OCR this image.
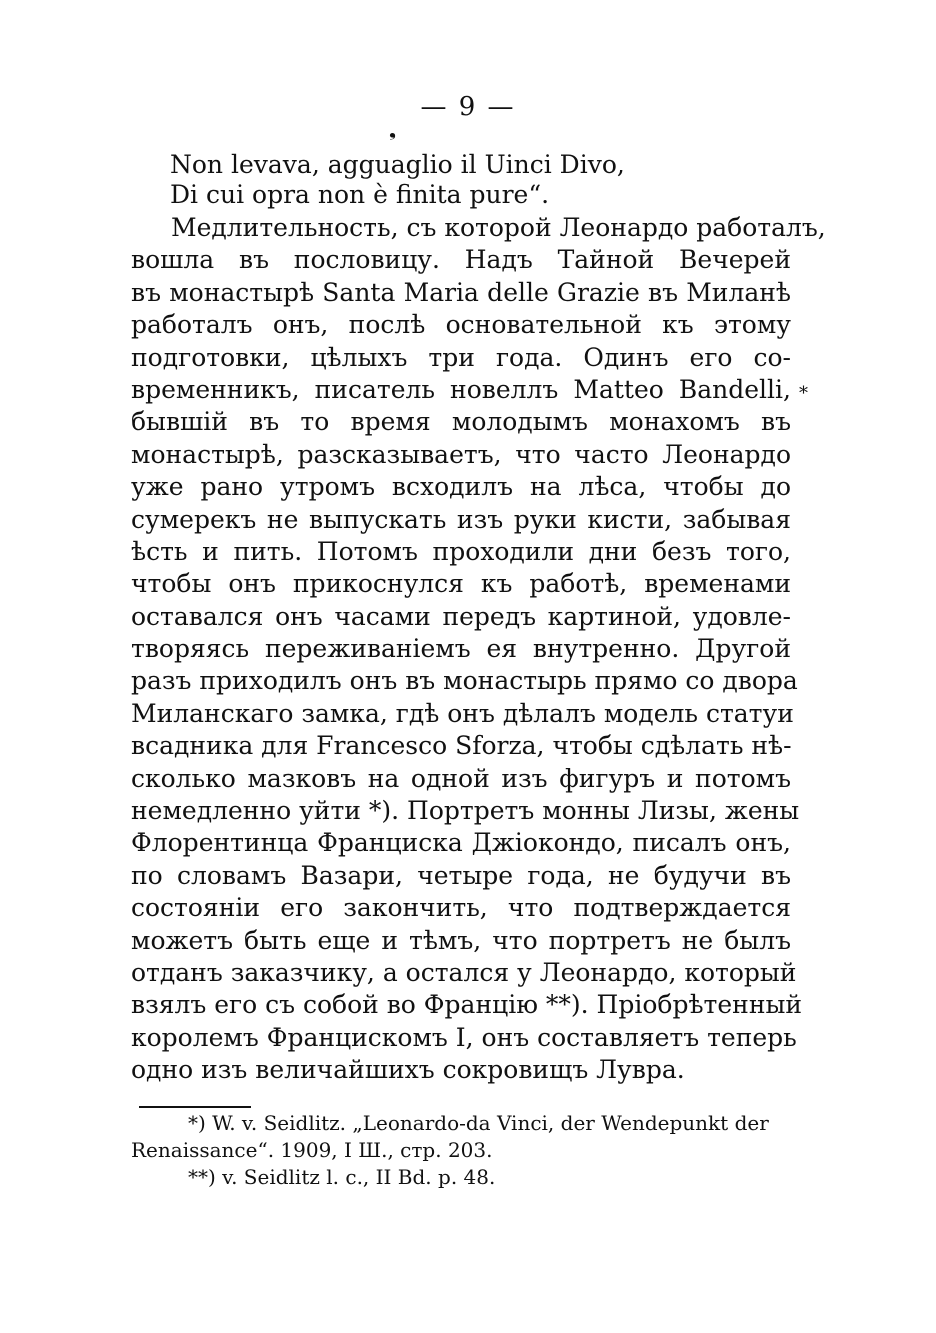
— 9 —
❟
Non levava, agguaglio il Uinci Divo,
Di cui opra non è finita pure“.
Медлительность, съ которой Леонардо работалъ,
вошла въ пословицу. Надъ Тайной Вечерей
въ монастырѣ Santa Maria delle Grazie въ Миланѣ
работалъ онъ, послѣ основательной къ этому
подготовки, цѣлыхъ три года. Одинъ его со-
временникъ, писатель новеллъ Matteo Bandelli,
бывшій въ то время молодымъ монахомъ въ
монастырѣ, разсказываетъ, что часто Леонардо
уже рано утромъ всходилъ на лѣса, чтобы до
сумерекъ не выпускать изъ руки кисти, забывая
ѣсть и пить. Потомъ проходили дни безъ того,
чтобы онъ прикоснулся къ работѣ, временами
оставался онъ часами передъ картиной, удовле-
творяясь переживаніемъ ея внутренно. Другой
разъ приходилъ онъ въ монастырь прямо со двора
Миланскаго замка, гдѣ онъ дѣлалъ модель статуи
всадника для Francesco Sforza, чтобы сдѣлать нѣ-
сколько мазковъ на одной изъ фигуръ и потомъ
немедленно уйти *). Портретъ монны Лизы, жены
Флорентинца Франциска Джіокондо, писалъ онъ,
по словамъ Вазари, четыре года, не будучи въ
состояніи его закончить, что подтверждается
можетъ быть еще и тѣмъ, что портретъ не былъ
отданъ заказчику, а остался у Леонардо, который
взялъ его съ собой во Францію **). Пріобрѣтенный
королемъ Францискомъ I, онъ составляетъ теперь
одно изъ величайшихъ сокровищъ Лувра.
*
*) W. v. Seidlitz. „Leonardo-da Vinci, der Wendepunkt der
Renaissance“. 1909, I Ш., стр. 203.
**) v. Seidlitz l. c., II Bd. p. 48.
